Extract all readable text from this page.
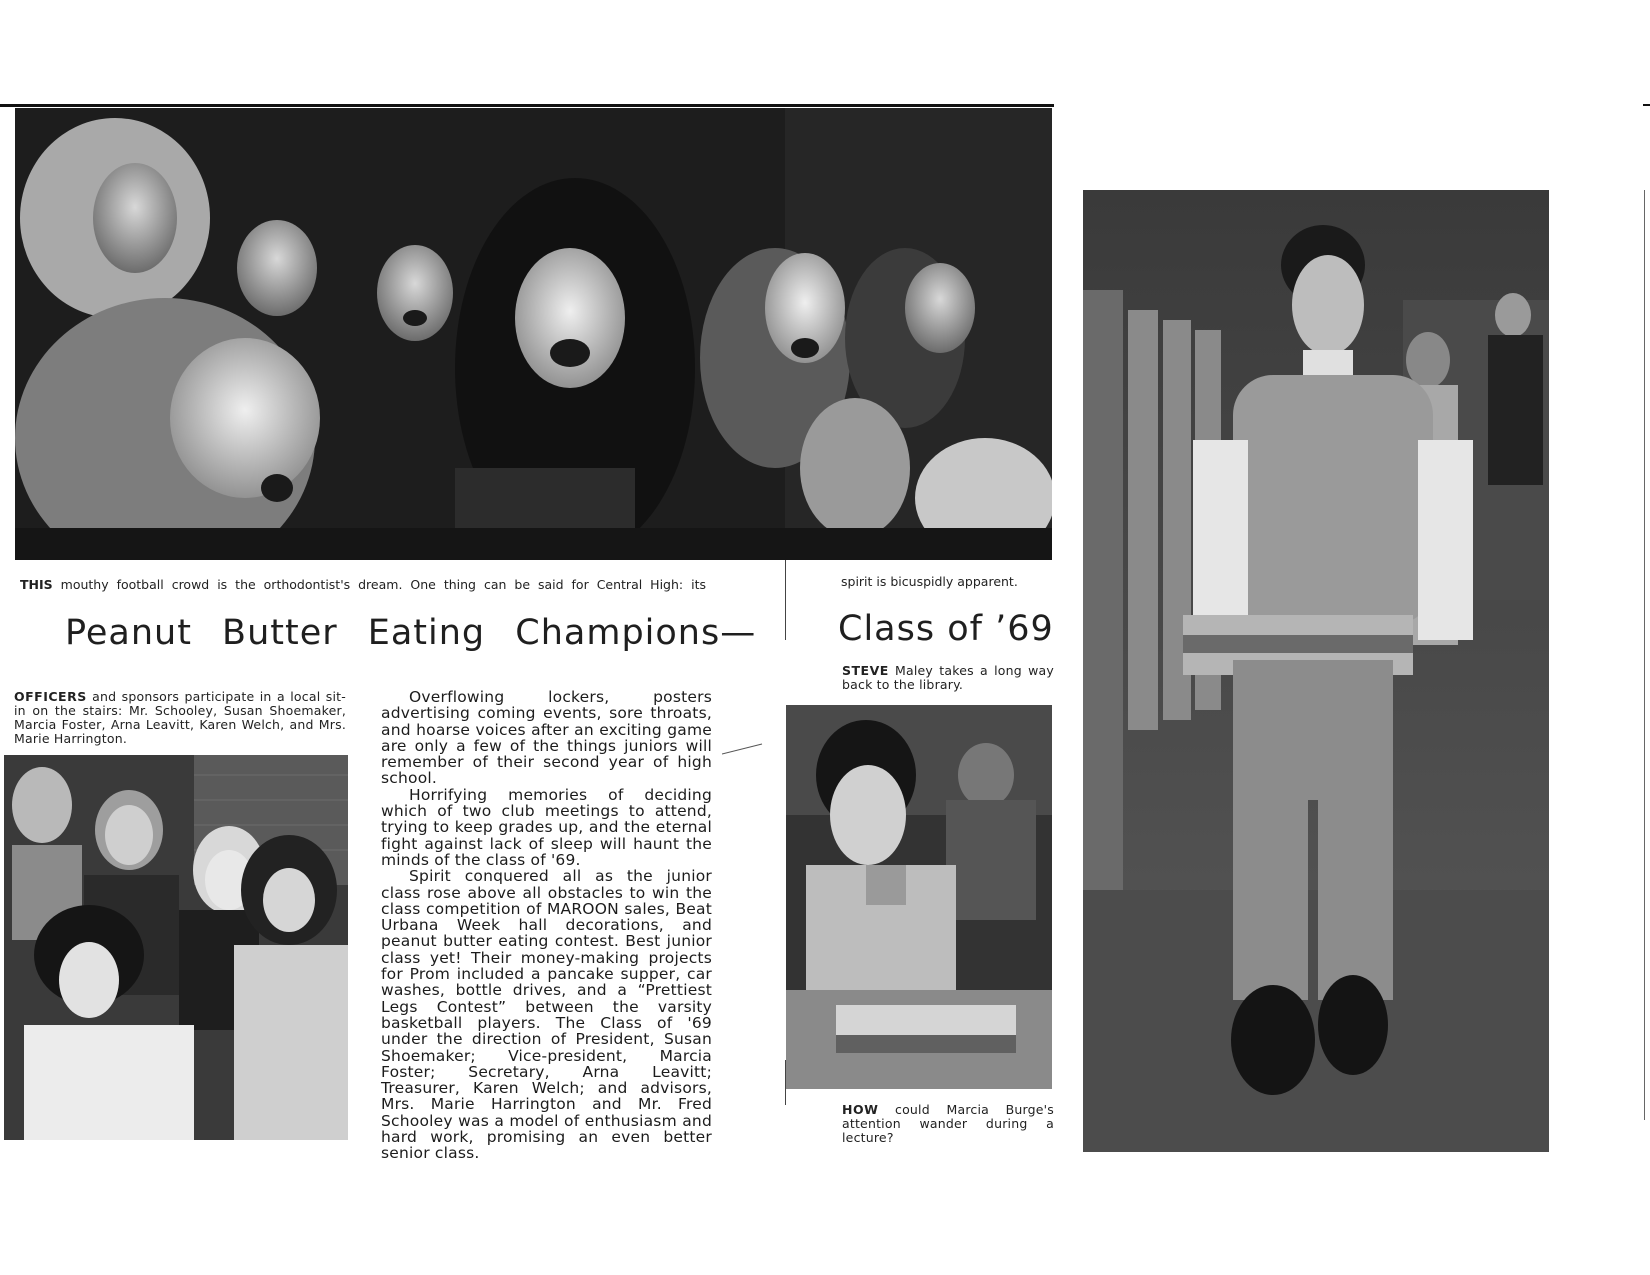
THIS mouthy football crowd is the orthodontist's dream. One thing can be said for Central High: its	spirit is bicuspidly apparent.
Peanut Butter Eating Champions— Class of ’69
OFFICERS and sponsors participate in a local sit-in on the stairs: Mr. Schooley, Susan Shoemaker, Marcia Foster, Arna Leavitt, Karen Welch, and Mrs. Marie Harrington.

Overflowing lockers, posters advertising coming events, sore throats, and hoarse voices after an exciting game are only a few of the things juniors will remember of their second year of high school.

Horrifying memories of deciding which of two club meetings to attend, trying to keep grades up, and the eternal fight against lack of sleep will haunt the minds of the class of '69.

Spirit conquered all as the junior class rose above all obstacles to win the class competition of MAROON sales, Beat Urbana Week hall decorations, and peanut butter eating contest. Best junior class yet! Their money-making projects for Prom included a pancake supper, car washes, bottle drives, and a “Prettiest Legs Contest” between the varsity basketball players. The Class of '69 under the direction of President, Susan Shoemaker; Vice-president, Marcia Foster; Secretary, Arna Leavitt; Treasurer, Karen Welch; and advisors, Mrs. Marie Harrington and Mr. Fred Schooley was a model of enthusiasm and hard work, promising an even better senior class.

STEVE Maley takes a long way back to the library.
HOW could Marcia Burge's attention wander during a lecture?
